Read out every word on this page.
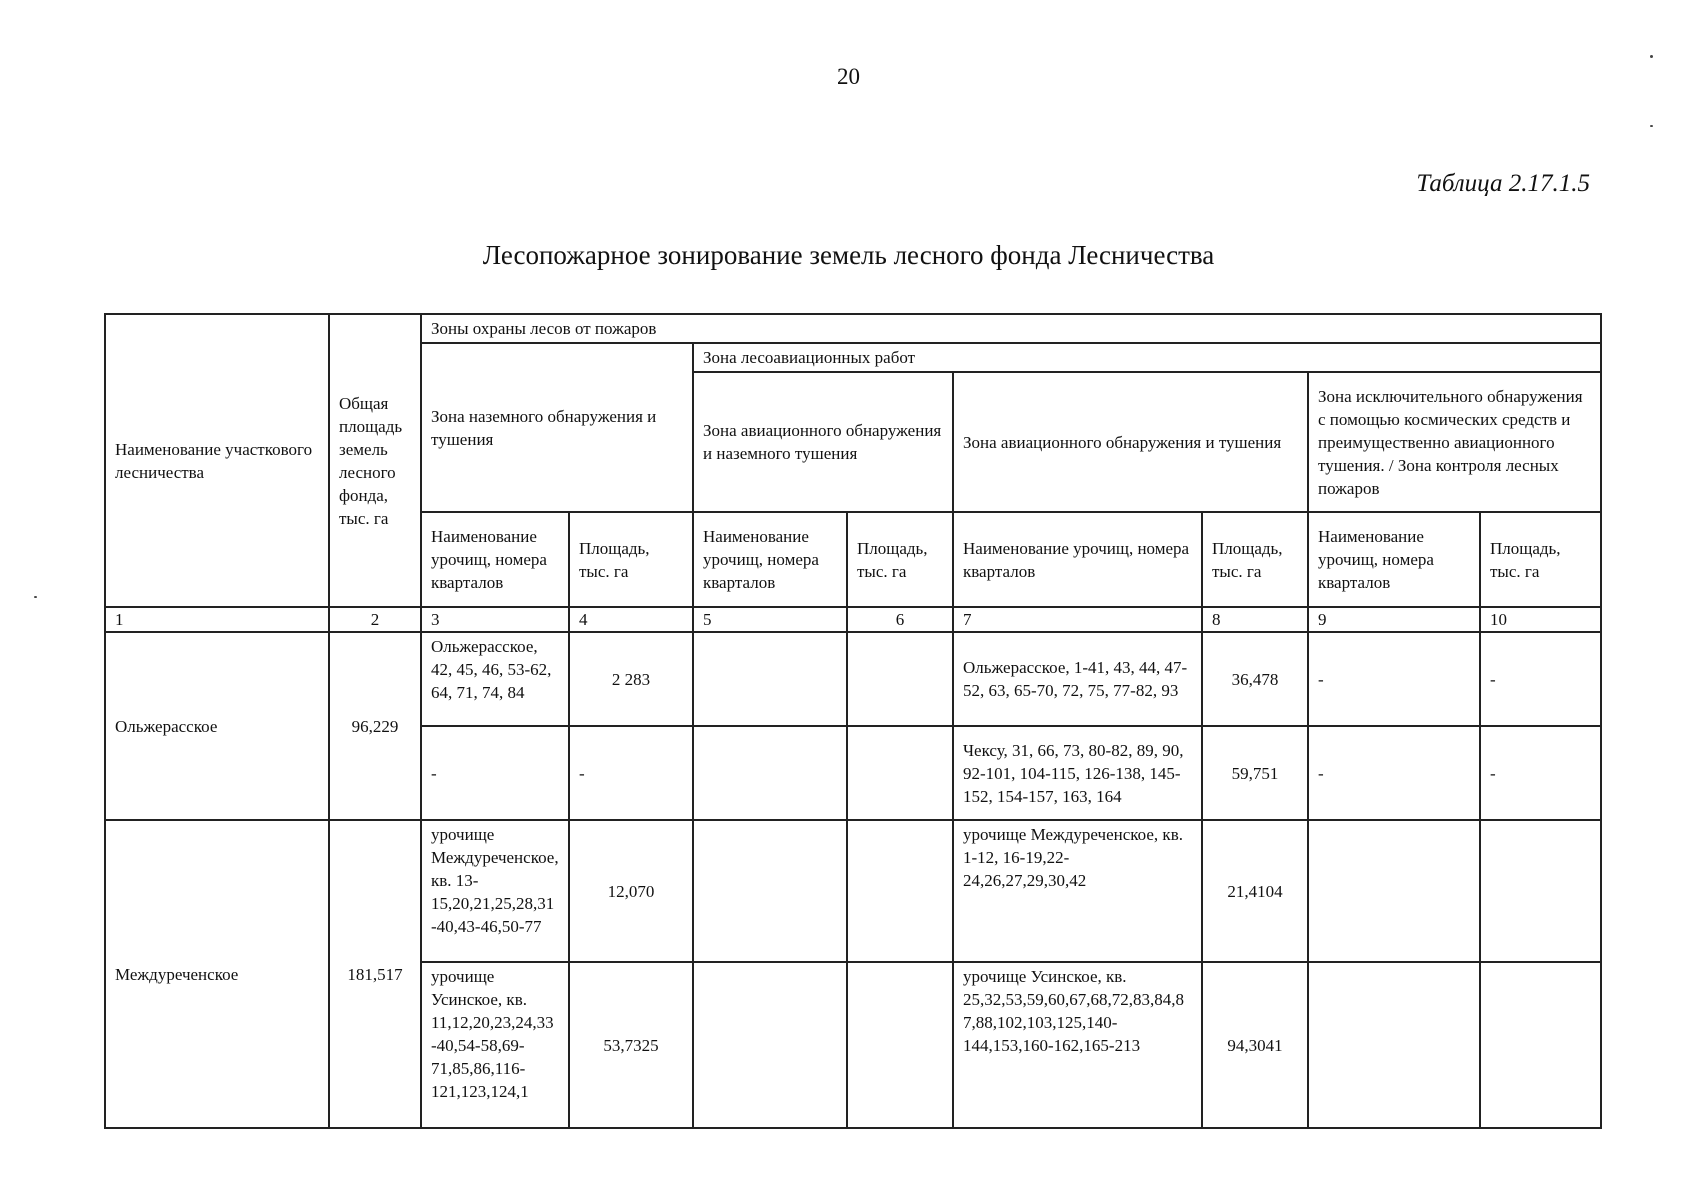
20
Таблица 2.17.1.5
Лесопожарное зонирование земель лесного фонда Лесничества
Наименование участкового лесничества	Общая площадь земель лесного фонда, тыс. га	Зоны охраны лесов от пожаров							
		Зона наземного обнаружения и тушения		Зона лесоавиационных работ					
				Зона авиационного обнаружения и наземного тушения		Зона авиационного обнаружения и тушения		Зона исключительного обнаружения с помощью космических средств и преимущественно авиационного тушения. / Зона контроля лесных пожаров	
		Наименование урочищ, номера кварталов	Площадь, тыс. га	Наименование урочищ, номера кварталов	Площадь, тыс. га	Наименование урочищ, номера кварталов	Площадь, тыс. га	Наименование урочищ, номера кварталов	Площадь, тыс. га
1	2	3	4	5	6	7	8	9	10
Ольжерасское	96,229	Ольжерасское, 42, 45, 46, 53-62, 64, 71, 74, 84	2 283			Ольжерасское, 1-41, 43, 44, 47-52, 63, 65-70, 72, 75, 77-82, 93	36,478	-	-
		-	-			Чексу, 31, 66, 73, 80-82, 89, 90, 92-101, 104-115, 126-138, 145-152, 154-157, 163, 164	59,751	-	-
Междуреченское	181,517	урочище Междуреченское, кв. 13-15,20,21,25,28,31-40,43-46,50-77	12,070			урочище Междуреченское, кв. 1-12, 16-19,22-24,26,27,29,30,42	21,4104		
		урочище Усинское, кв. 11,12,20,23,24,33-40,54-58,69-71,85,86,116-121,123,124,1	53,7325			урочище Усинское, кв. 25,32,53,59,60,67,68,72,83,84,87,88,102,103,125,140-144,153,160-162,165-213	94,3041		
